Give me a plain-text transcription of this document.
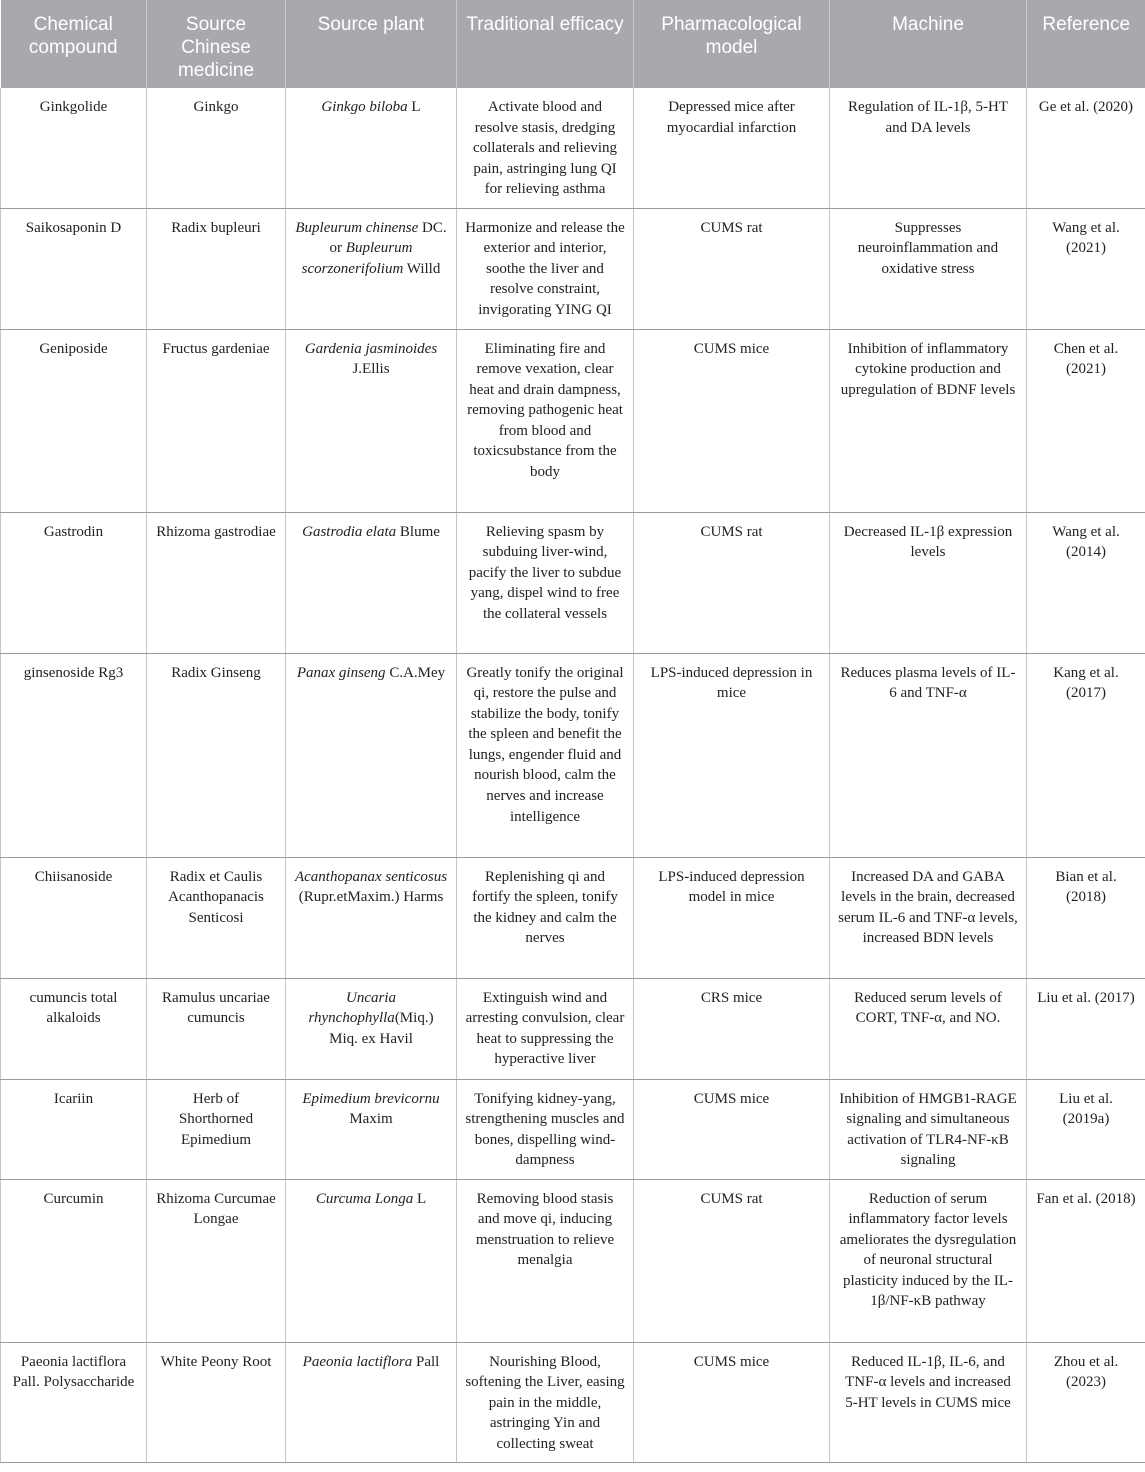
Chemical compound	Source Chinese medicine	Source plant	Traditional efficacy	Pharmacological model	Machine	Reference
Ginkgolide	Ginkgo	Ginkgo biloba L	Activate blood and resolve stasis, dredging collaterals and relieving pain, astringing lung QI for relieving asthma	Depressed mice after myocardial infarction	Regulation of IL-1β, 5-HT and DA levels	Ge et al. (2020)
Saikosaponin D	Radix bupleuri	Bupleurum chinense DC. or Bupleurum scorzonerifolium Willd	Harmonize and release the exterior and interior, soothe the liver and resolve constraint, invigorating YING QI	CUMS rat	Suppresses neuroinflammation and oxidative stress	Wang et al. (2021)
Geniposide	Fructus gardeniae	Gardenia jasminoides J.Ellis	Eliminating fire and remove vexation, clear heat and drain dampness, removing pathogenic heat from blood and toxicsubstance from the body	CUMS mice	Inhibition of inflammatory cytokine production and upregulation of BDNF levels	Chen et al. (2021)
Gastrodin	Rhizoma gastrodiae	Gastrodia elata Blume	Relieving spasm by subduing liver-wind, pacify the liver to subdue yang, dispel wind to free the collateral vessels	CUMS rat	Decreased IL-1β expression levels	Wang et al. (2014)
ginsenoside Rg3	Radix Ginseng	Panax ginseng C.A.Mey	Greatly tonify the original qi, restore the pulse and stabilize the body, tonify the spleen and benefit the lungs, engender fluid and nourish blood, calm the nerves and increase intelligence	LPS-induced depression in mice	Reduces plasma levels of IL-6 and TNF-α	Kang et al. (2017)
Chiisanoside	Radix et Caulis Acanthopanacis Senticosi	Acanthopanax senticosus (Rupr.etMaxim.) Harms	Replenishing qi and fortify the spleen, tonify the kidney and calm the nerves	LPS-induced depression model in mice	Increased DA and GABA levels in the brain, decreased serum IL-6 and TNF-α levels, increased BDN levels	Bian et al. (2018)
cumuncis total alkaloids	Ramulus uncariae cumuncis	Uncaria rhynchophylla(Miq.) Miq. ex Havil	Extinguish wind and arresting convulsion, clear heat to suppressing the hyperactive liver	CRS mice	Reduced serum levels of CORT, TNF-α, and NO.	Liu et al. (2017)
Icariin	Herb of Shorthorned Epimedium	Epimedium brevicornu Maxim	Tonifying kidney-yang, strengthening muscles and bones, dispelling wind-dampness	CUMS mice	Inhibition of HMGB1-RAGE signaling and simultaneous activation of TLR4-NF-κB signaling	Liu et al. (2019a)
Curcumin	Rhizoma Curcumae Longae	Curcuma Longa L	Removing blood stasis and move qi, inducing menstruation to relieve menalgia	CUMS rat	Reduction of serum inflammatory factor levels ameliorates the dysregulation of neuronal structural plasticity induced by the IL-1β/NF-κB pathway	Fan et al. (2018)
Paeonia lactiflora Pall. Polysaccharide	White Peony Root	Paeonia lactiflora Pall	Nourishing Blood, softening the Liver, easing pain in the middle, astringing Yin and collecting sweat	CUMS mice	Reduced IL-1β, IL-6, and TNF-α levels and increased 5-HT levels in CUMS mice	Zhou et al. (2023)
